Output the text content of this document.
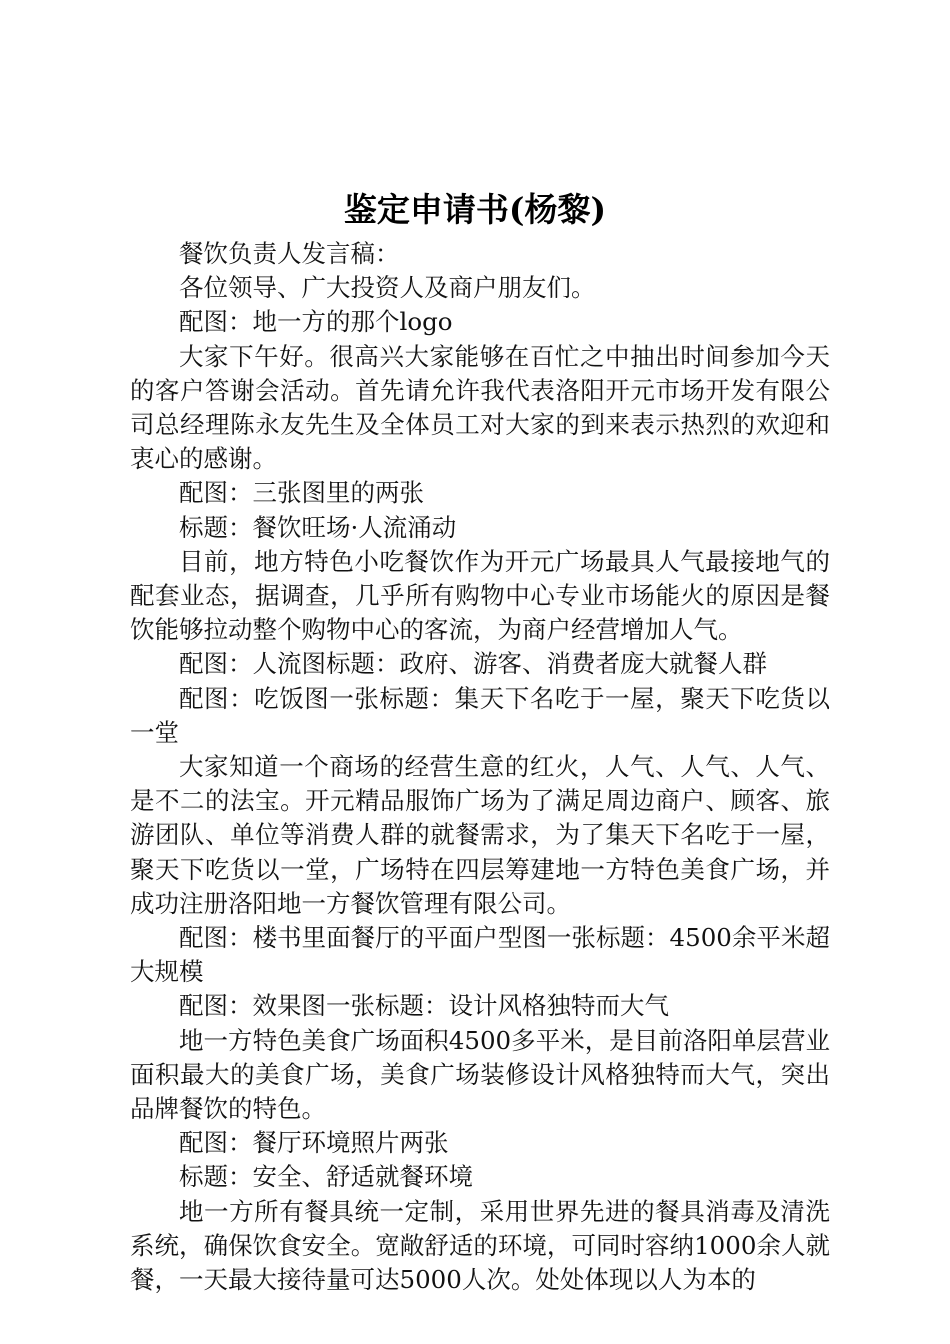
鉴定申请书(杨黎)

餐饮负责人发言稿：

各位领导、广大投资人及商户朋友们。

配图：地一方的那个logo

大家下午好。很高兴大家能够在百忙之中抽出时间参加今天的客户答谢会活动。首先请允许我代表洛阳开元市场开发有限公司总经理陈永友先生及全体员工对大家的到来表示热烈的欢迎和衷心的感谢。

配图：三张图里的两张

标题：餐饮旺场·人流涌动

目前，地方特色小吃餐饮作为开元广场最具人气最接地气的配套业态，据调查，几乎所有购物中心专业市场能火的原因是餐饮能够拉动整个购物中心的客流，为商户经营增加人气。

配图：人流图标题：政府、游客、消费者庞大就餐人群

配图：吃饭图一张标题：集天下名吃于一屋，聚天下吃货以一堂

大家知道一个商场的经营生意的红火，人气、人气、人气、是不二的法宝。开元精品服饰广场为了满足周边商户、顾客、旅游团队、单位等消费人群的就餐需求，为了集天下名吃于一屋，聚天下吃货以一堂，广场特在四层筹建地一方特色美食广场，并成功注册洛阳地一方餐饮管理有限公司。

配图：楼书里面餐厅的平面户型图一张标题：4500余平米超大规模

配图：效果图一张标题：设计风格独特而大气

地一方特色美食广场面积4500多平米，是目前洛阳单层营业面积最大的美食广场，美食广场装修设计风格独特而大气，突出品牌餐饮的特色。

配图：餐厅环境照片两张

标题：安全、舒适就餐环境

地一方所有餐具统一定制，采用世界先进的餐具消毒及清洗系统，确保饮食安全。宽敞舒适的环境，可同时容纳1000余人就餐，一天最大接待量可达5000人次。处处体现以人为本的
